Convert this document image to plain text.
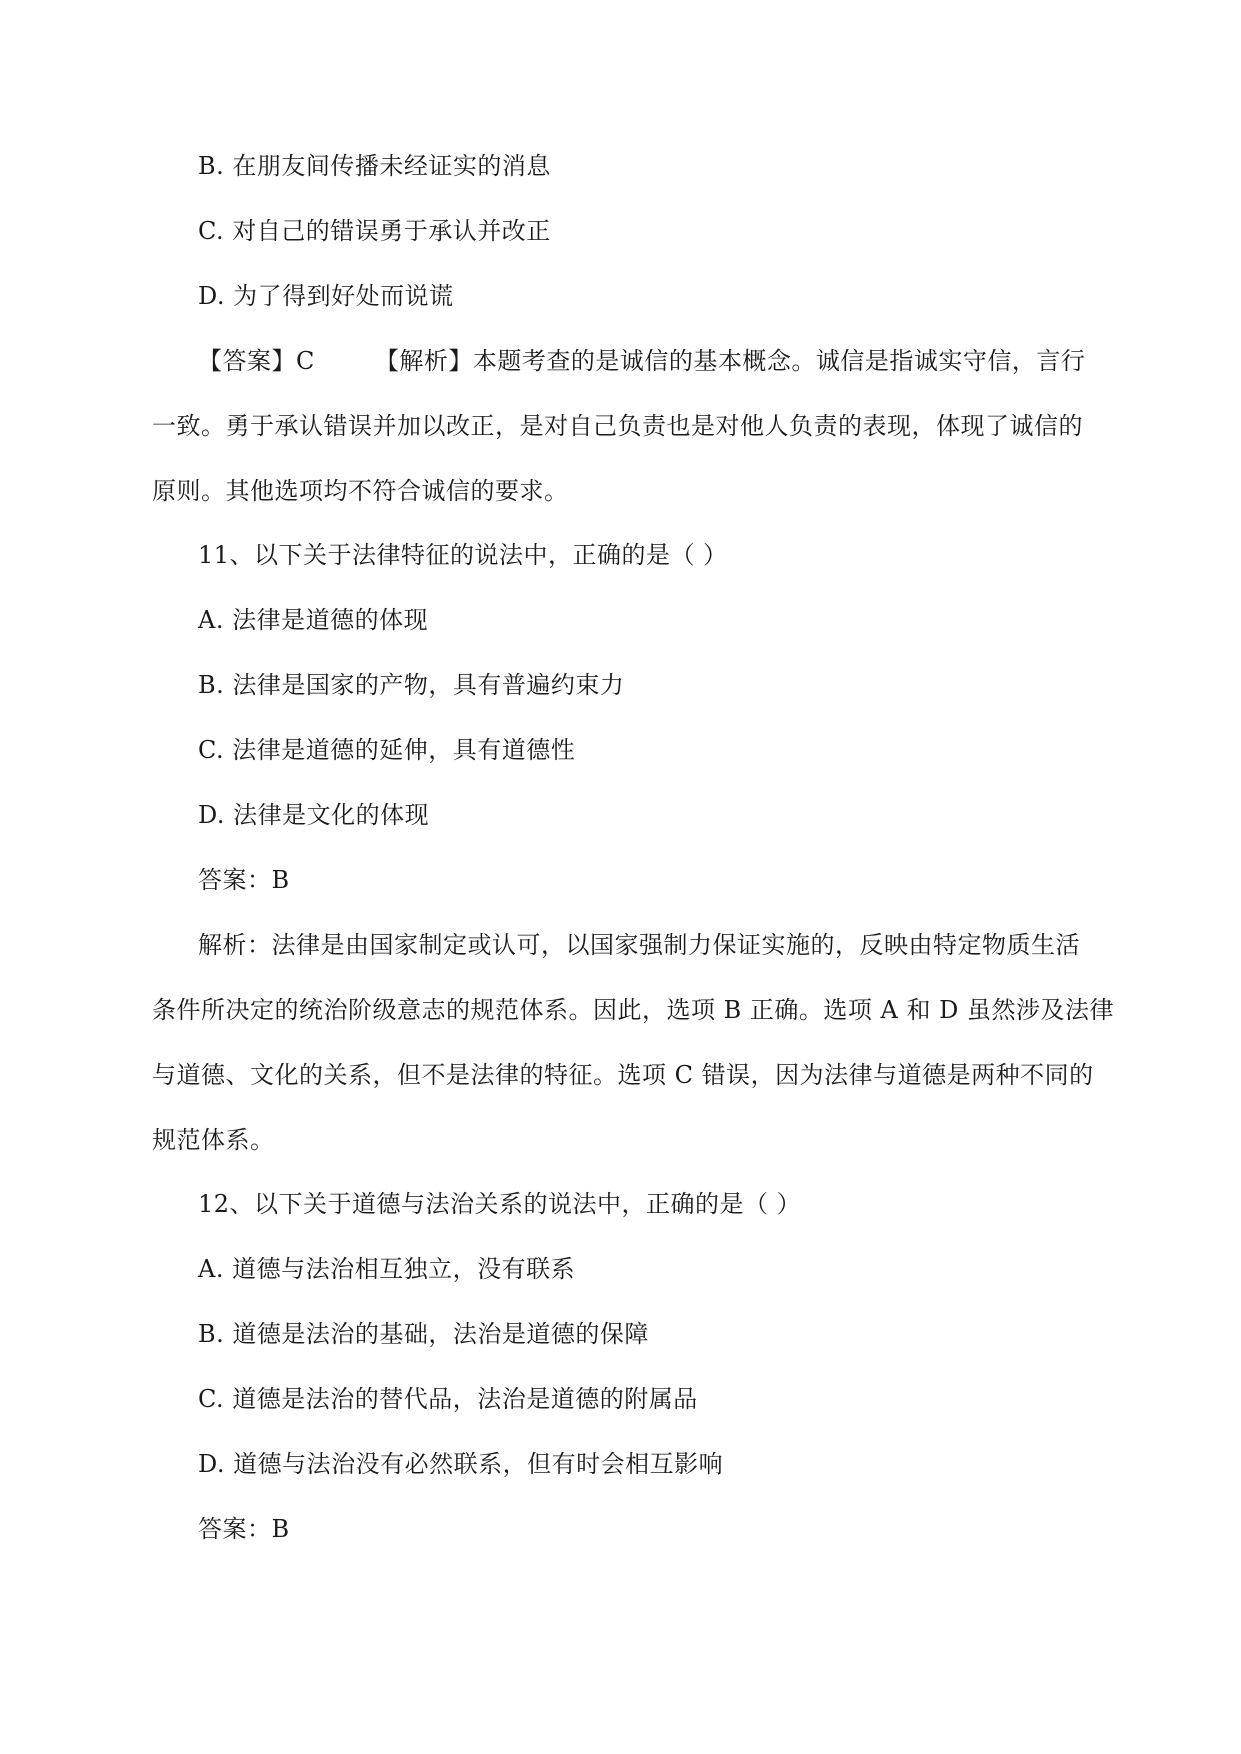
B. 在朋友间传播未经证实的消息
C. 对自己的错误勇于承认并改正
D. 为了得到好处而说谎
【答案】C	【解析】本题考查的是诚信的基本概念。诚信是指诚实守信，言行
一致。勇于承认错误并加以改正，是对自己负责也是对他人负责的表现，体现了诚信的
原则。其他选项均不符合诚信的要求。
11、以下关于法律特征的说法中，正确的是（ ）
A. 法律是道德的体现
B. 法律是国家的产物，具有普遍约束力
C. 法律是道德的延伸，具有道德性
D. 法律是文化的体现
答案：B
解析：法律是由国家制定或认可，以国家强制力保证实施的，反映由特定物质生活
条件所决定的统治阶级意志的规范体系。因此，选项 B 正确。选项 A 和 D 虽然涉及法律
与道德、文化的关系，但不是法律的特征。选项 C 错误，因为法律与道德是两种不同的
规范体系。
12、以下关于道德与法治关系的说法中，正确的是（ ）
A. 道德与法治相互独立，没有联系
B. 道德是法治的基础，法治是道德的保障
C. 道德是法治的替代品，法治是道德的附属品
D. 道德与法治没有必然联系，但有时会相互影响
答案：B
